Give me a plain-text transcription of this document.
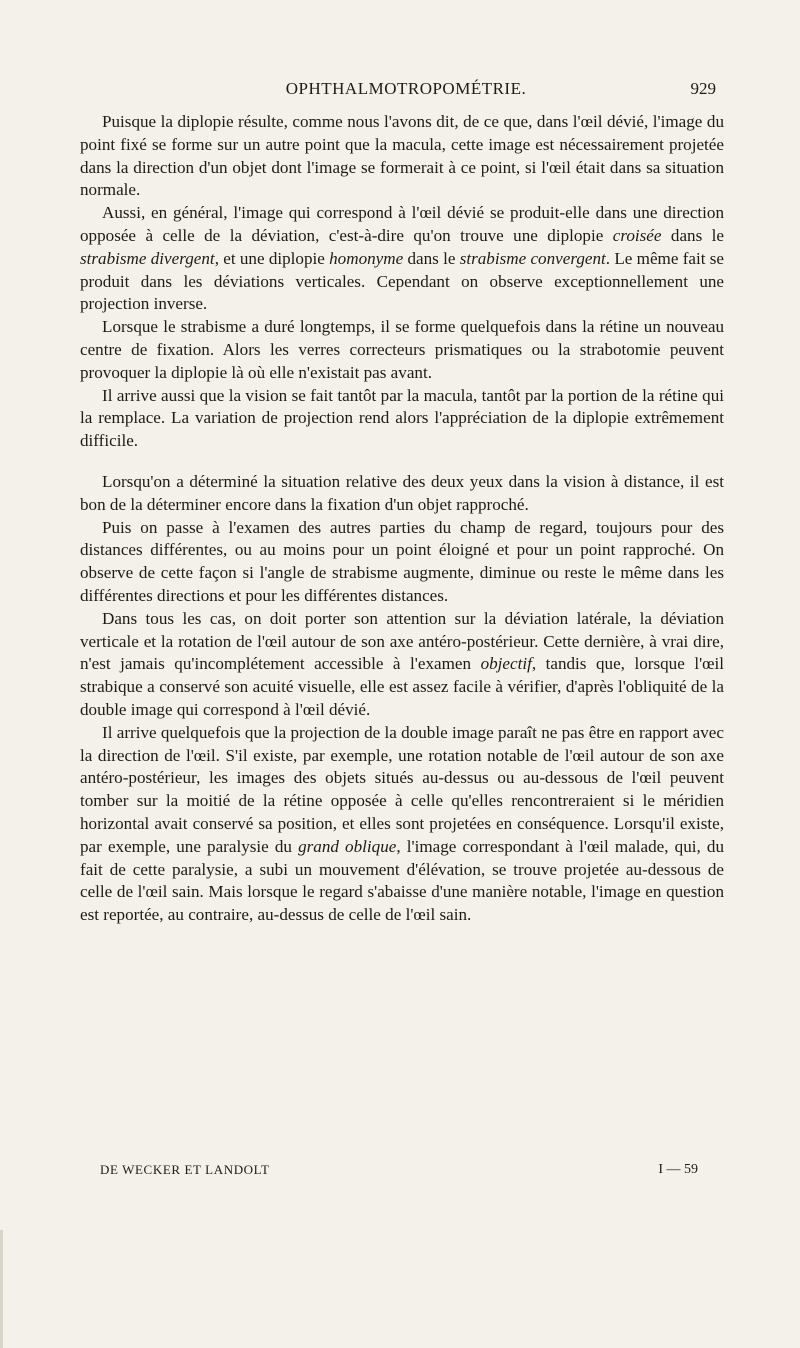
OPHTHALMOTROPOMÉTRIE.	929

Puisque la diplopie résulte, comme nous l'avons dit, de ce que, dans l'œil dévié, l'image du point fixé se forme sur un autre point que la macula, cette image est nécessairement projetée dans la direction d'un objet dont l'image se formerait à ce point, si l'œil était dans sa situation normale.

Aussi, en général, l'image qui correspond à l'œil dévié se produit-elle dans une direction opposée à celle de la déviation, c'est-à-dire qu'on trouve une diplopie croisée dans le strabisme divergent, et une diplopie homonyme dans le strabisme convergent. Le même fait se produit dans les déviations verticales. Cependant on observe exceptionnellement une projection inverse.

Lorsque le strabisme a duré longtemps, il se forme quelquefois dans la rétine un nouveau centre de fixation. Alors les verres correcteurs prismatiques ou la strabotomie peuvent provoquer la diplopie là où elle n'existait pas avant.

Il arrive aussi que la vision se fait tantôt par la macula, tantôt par la portion de la rétine qui la remplace. La variation de projection rend alors l'appréciation de la diplopie extrêmement difficile.

Lorsqu'on a déterminé la situation relative des deux yeux dans la vision à distance, il est bon de la déterminer encore dans la fixation d'un objet rapproché.

Puis on passe à l'examen des autres parties du champ de regard, toujours pour des distances différentes, ou au moins pour un point éloigné et pour un point rapproché. On observe de cette façon si l'angle de strabisme augmente, diminue ou reste le même dans les différentes directions et pour les différentes distances.

Dans tous les cas, on doit porter son attention sur la déviation latérale, la déviation verticale et la rotation de l'œil autour de son axe antéro-postérieur. Cette dernière, à vrai dire, n'est jamais qu'incomplétement accessible à l'examen objectif, tandis que, lorsque l'œil strabique a conservé son acuité visuelle, elle est assez facile à vérifier, d'après l'obliquité de la double image qui correspond à l'œil dévié.

Il arrive quelquefois que la projection de la double image paraît ne pas être en rapport avec la direction de l'œil. S'il existe, par exemple, une rotation notable de l'œil autour de son axe antéro-postérieur, les images des objets situés au-dessus ou au-dessous de l'œil peuvent tomber sur la moitié de la rétine opposée à celle qu'elles rencontreraient si le méridien horizontal avait conservé sa position, et elles sont projetées en conséquence. Lorsqu'il existe, par exemple, une paralysie du grand oblique, l'image correspondant à l'œil malade, qui, du fait de cette paralysie, a subi un mouvement d'élévation, se trouve projetée au-dessous de celle de l'œil sain. Mais lorsque le regard s'abaisse d'une manière notable, l'image en question est reportée, au contraire, au-dessus de celle de l'œil sain.

DE WECKER ET LANDOLT	I — 59
